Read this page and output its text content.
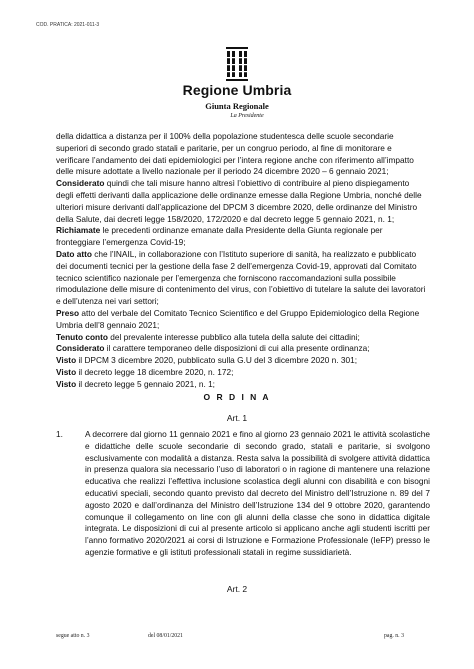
COD. PRATICA: 2021-011-3
Regione Umbria
Giunta Regionale
La Presidente

della didattica a distanza per il 100% della popolazione studentesca delle scuole secondarie superiori di secondo grado statali e paritarie, per un congruo periodo, al fine di monitorare e verificare l’andamento dei dati epidemiologici per l’intera regione anche con riferimento all’impatto delle misure adottate a livello nazionale per il periodo 24 dicembre 2020 – 6 gennaio 2021;

Considerato quindi che tali misure hanno altresì l’obiettivo di contribuire al pieno dispiegamento degli effetti derivanti dalla applicazione delle ordinanze emesse dalla Regione Umbria, nonché delle ulteriori misure derivanti dall’applicazione del DPCM 3 dicembre 2020, delle ordinanze del Ministro della Salute, dai decreti legge 158/2020, 172/2020 e dal decreto legge 5 gennaio 2021, n. 1;

Richiamate le precedenti ordinanze emanate dalla Presidente della Giunta regionale per fronteggiare l’emergenza Covid-19;

Dato atto che l’INAIL, in collaborazione con l’Istituto superiore di sanità, ha realizzato e pubblicato dei documenti tecnici per la gestione della fase 2 dell’emergenza Covid-19, approvati dal Comitato tecnico scientifico nazionale per l’emergenza che forniscono raccomandazioni sulla possibile rimodulazione delle misure di contenimento del virus, con l’obiettivo di tutelare la salute dei lavoratori e dell’utenza nei vari settori;

Preso atto del verbale del Comitato Tecnico Scientifico e del Gruppo Epidemiologico della Regione Umbria dell’8 gennaio 2021;

Tenuto conto del prevalente interesse pubblico alla tutela della salute dei cittadini;

Considerato il carattere temporaneo delle disposizioni di cui alla presente ordinanza;

Visto il DPCM 3 dicembre 2020, pubblicato sulla G.U del 3 dicembre 2020 n. 301;

Visto il decreto legge 18 dicembre 2020, n. 172;

Visto il decreto legge 5 gennaio 2021, n. 1;

O R D I N A
Art. 1
1.	A decorrere dal giorno 11 gennaio 2021 e fino al giorno 23 gennaio 2021 le attività scolastiche e didattiche delle scuole secondarie di secondo grado, statali e paritarie, si svolgono esclusivamente con modalità a distanza. Resta salva la possibilità di svolgere attività didattica in presenza qualora sia necessario l’uso di laboratori o in ragione di mantenere una relazione educativa che realizzi l’effettiva inclusione scolastica degli alunni con disabilità e con bisogni educativi speciali, secondo quanto previsto dal decreto del Ministro dell’Istruzione n. 89 del 7 agosto 2020 e dall’ordinanza del Ministro dell’Istruzione 134 del 9 ottobre 2020, garantendo comunque il collegamento on line con gli alunni della classe che sono in didattica digitale integrata. Le disposizioni di cui al presente articolo si applicano anche agli studenti iscritti per l’anno formativo 2020/2021 ai corsi di Istruzione e Formazione Professionale (IeFP) presso le agenzie formative e gli istituti professionali statali in regime sussidiarietà.
Art. 2
segue atto n. 3	del 08/01/2021	pag. n. 3
